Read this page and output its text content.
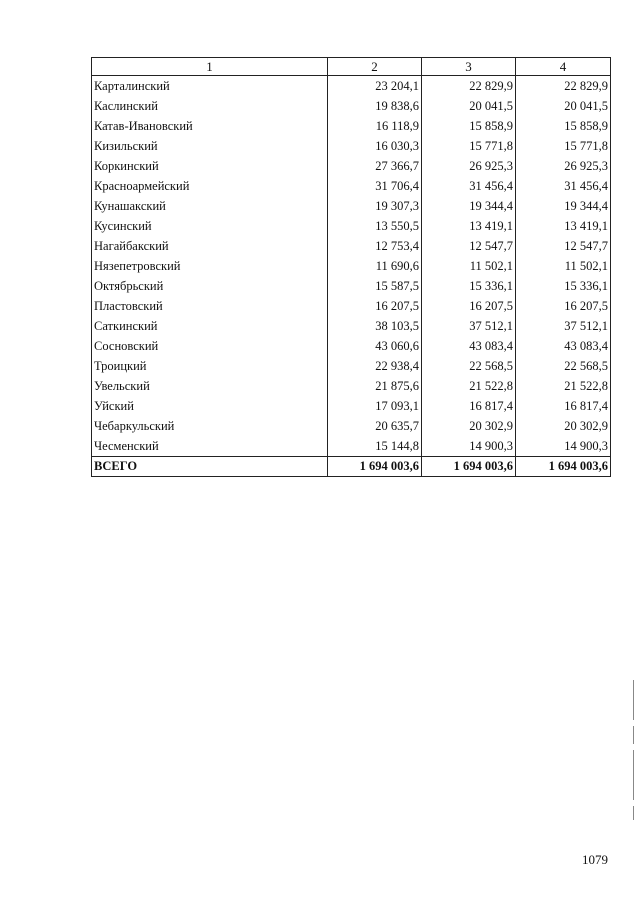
1	2	3	4
Карталинский	23 204,1	22 829,9	22 829,9
Каслинский	19 838,6	20 041,5	20 041,5
Катав-Ивановский	16 118,9	15 858,9	15 858,9
Кизильский	16 030,3	15 771,8	15 771,8
Коркинский	27 366,7	26 925,3	26 925,3
Красноармейский	31 706,4	31 456,4	31 456,4
Кунашакский	19 307,3	19 344,4	19 344,4
Кусинский	13 550,5	13 419,1	13 419,1
Нагайбакский	12 753,4	12 547,7	12 547,7
Нязепетровский	11 690,6	11 502,1	11 502,1
Октябрьский	15 587,5	15 336,1	15 336,1
Пластовский	16 207,5	16 207,5	16 207,5
Саткинский	38 103,5	37 512,1	37 512,1
Сосновский	43 060,6	43 083,4	43 083,4
Троицкий	22 938,4	22 568,5	22 568,5
Увельский	21 875,6	21 522,8	21 522,8
Уйский	17 093,1	16 817,4	16 817,4
Чебаркульский	20 635,7	20 302,9	20 302,9
Чесменский	15 144,8	14 900,3	14 900,3
ВСЕГО	1 694 003,6	1 694 003,6	1 694 003,6
1079
